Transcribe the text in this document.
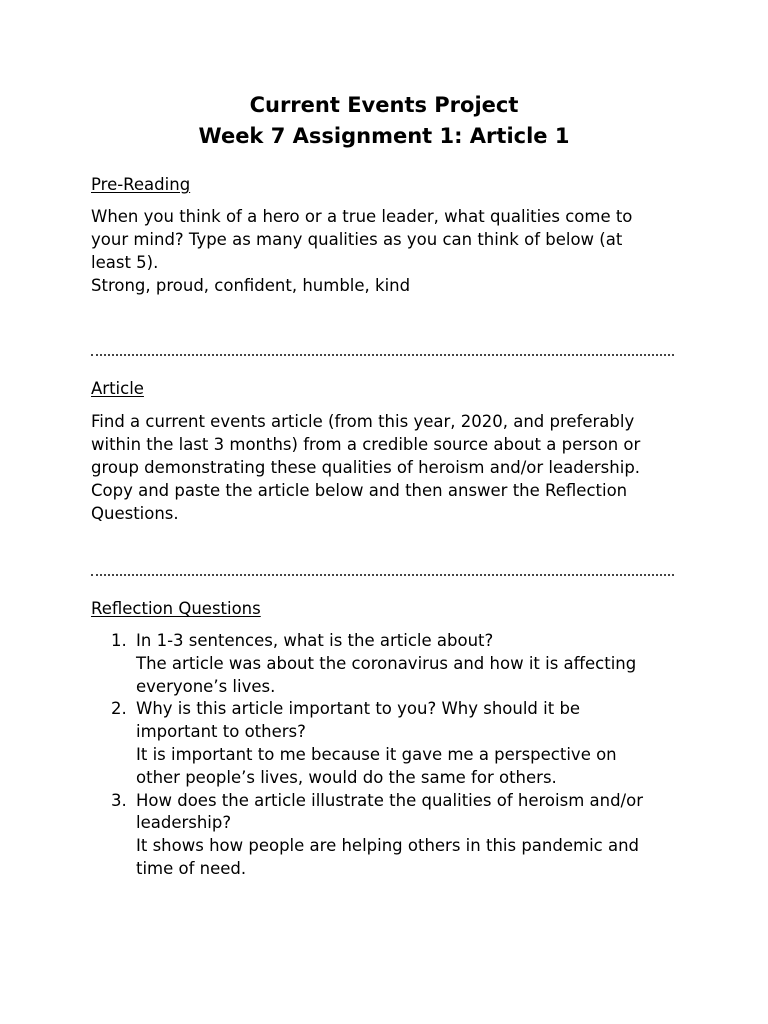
Current Events Project
Week 7 Assignment 1: Article 1
Pre-Reading
When you think of a hero or a true leader, what qualities come to
your mind? Type as many qualities as you can think of below (at
least 5).
Strong, proud, confident, humble, kind
Article
Find a current events article (from this year, 2020, and preferably
within the last 3 months) from a credible source about a person or
group demonstrating these qualities of heroism and/or leadership.
Copy and paste the article below and then answer the Reflection
Questions.
Reflection Questions
1. In 1-3 sentences, what is the article about?
The article was about the coronavirus and how it is affecting
everyone’s lives.
2. Why is this article important to you? Why should it be
important to others?
It is important to me because it gave me a perspective on
other people’s lives, would do the same for others.
3. How does the article illustrate the qualities of heroism and/or
leadership?
It shows how people are helping others in this pandemic and
time of need.
